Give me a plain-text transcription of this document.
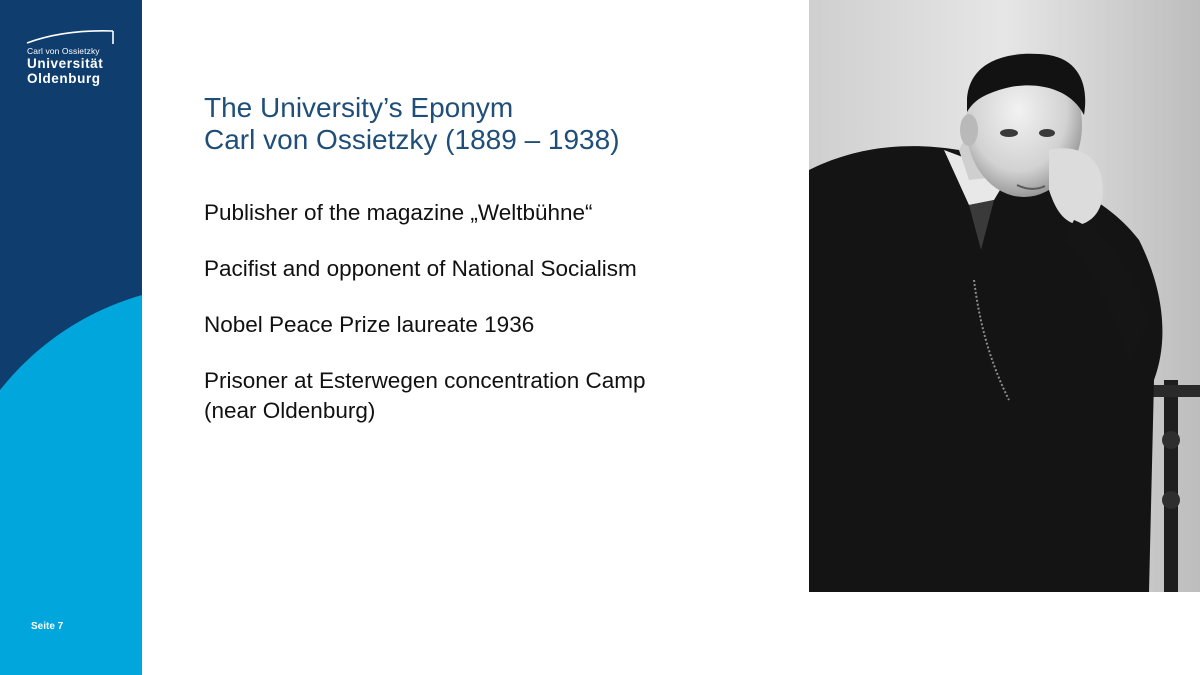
Carl von Ossietzky
Universität
Oldenburg
Seite 7
The University’s Eponym
Carl von Ossietzky (1889 – 1938)
Publisher of the magazine „Weltbühne“
Pacifist and opponent of National Socialism
Nobel Peace Prize laureate 1936
Prisoner at Esterwegen concentration Camp
(near Oldenburg)
